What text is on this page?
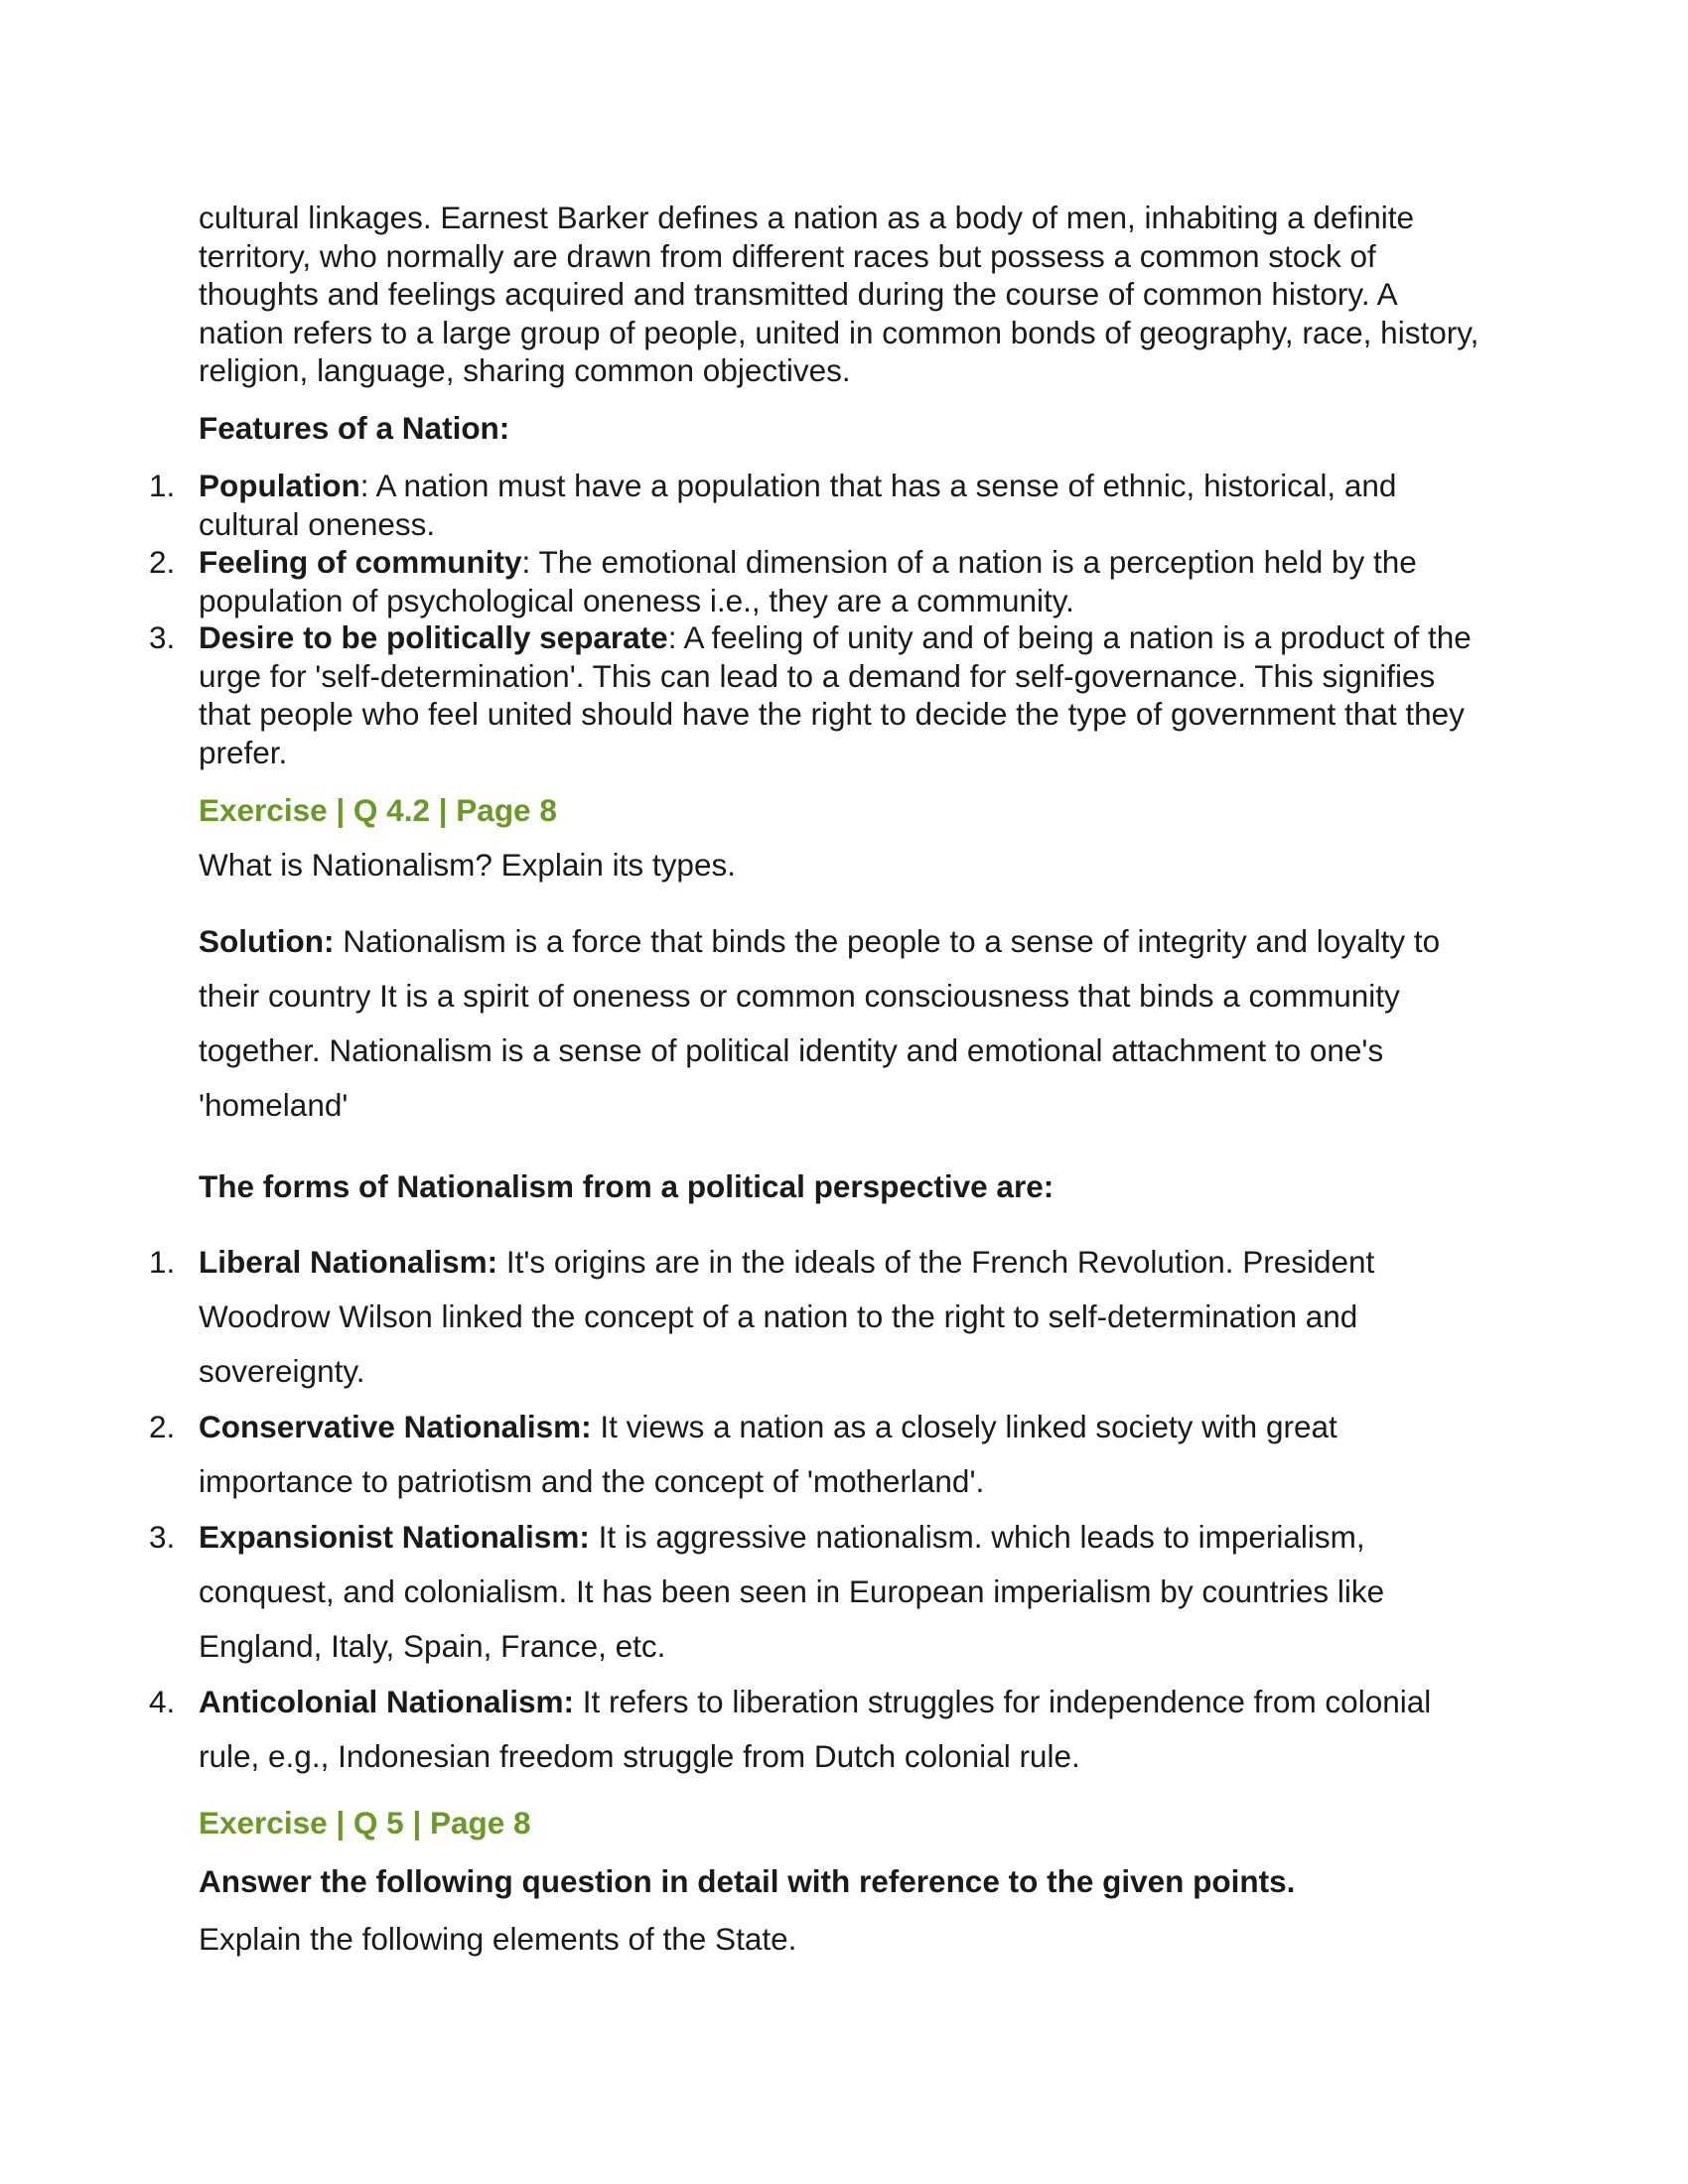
cultural linkages. Earnest Barker defines a nation as a body of men, inhabiting a definite territory, who normally are drawn from different races but possess a common stock of thoughts and feelings acquired and transmitted during the course of common history. A nation refers to a large group of people, united in common bonds of geography, race, history, religion, language, sharing common objectives.

Features of a Nation:

1. Population: A nation must have a population that has a sense of ethnic, historical, and cultural oneness.
2. Feeling of community: The emotional dimension of a nation is a perception held by the population of psychological oneness i.e., they are a community.
3. Desire to be politically separate: A feeling of unity and of being a nation is a product of the urge for 'self-determination'. This can lead to a demand for self-governance. This signifies that people who feel united should have the right to decide the type of government that they prefer.

Exercise | Q 4.2 | Page 8

What is Nationalism? Explain its types.

Solution: Nationalism is a force that binds the people to a sense of integrity and loyalty to their country It is a spirit of oneness or common consciousness that binds a community together. Nationalism is a sense of political identity and emotional attachment to one's 'homeland'

The forms of Nationalism from a political perspective are:

1. Liberal Nationalism: It's origins are in the ideals of the French Revolution. President Woodrow Wilson linked the concept of a nation to the right to self-determination and sovereignty.
2. Conservative Nationalism: It views a nation as a closely linked society with great importance to patriotism and the concept of 'motherland'.
3. Expansionist Nationalism: It is aggressive nationalism. which leads to imperialism, conquest, and colonialism. It has been seen in European imperialism by countries like England, Italy, Spain, France, etc.
4. Anticolonial Nationalism: It refers to liberation struggles for independence from colonial rule, e.g., Indonesian freedom struggle from Dutch colonial rule.

Exercise | Q 5 | Page 8

Answer the following question in detail with reference to the given points.

Explain the following elements of the State.
